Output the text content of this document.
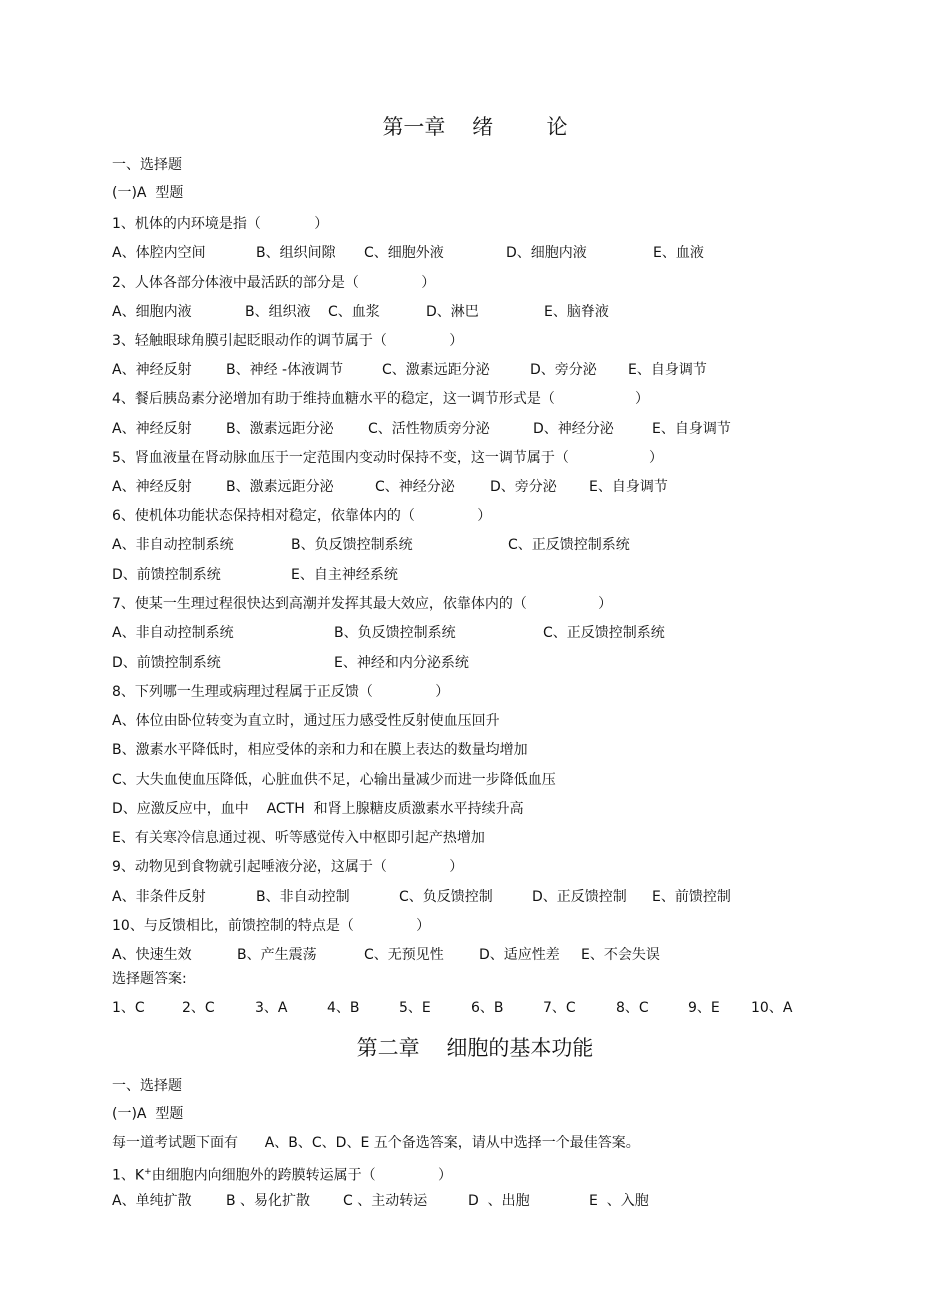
第一章    绪        论
一、选择题
(一)A  型题
1、机体的内环境是指（            ）
A、体腔内空间	B、组织间隙 C、细胞外液	D、细胞内液	E、血液
2、人体各部分体液中最活跃的部分是（              ）
A、细胞内液	B、组织液 C、血浆	D、淋巴	E、脑脊液
3、轻触眼球角膜引起眨眼动作的调节属于（              ）
A、神经反射 B、神经 -体液调节	C、激素远距分泌	D、旁分泌 E、自身调节
4、餐后胰岛素分泌增加有助于维持血糖水平的稳定，这一调节形式是（                  ）
A、神经反射 B、激素远距分泌 C、活性物质旁分泌	D、神经分泌	E、自身调节
5、肾血液量在肾动脉血压于一定范围内变动时保持不变，这一调节属于（                  ）
A、神经反射 B、激素远距分泌	C、神经分泌	D、旁分泌 E、自身调节
6、使机体功能状态保持相对稳定，依靠体内的（              ）
A、非自动控制系统	B、负反馈控制系统	C、正反馈控制系统
D、前馈控制系统	E、自主神经系统
7、使某一生理过程很快达到高潮并发挥其最大效应，依靠体内的（                ）
A、非自动控制系统	B、负反馈控制系统	C、正反馈控制系统
D、前馈控制系统	E、神经和内分泌系统
8、下列哪一生理或病理过程属于正反馈（              ）
A、体位由卧位转变为直立时，通过压力感受性反射使血压回升
B、激素水平降低时，相应受体的亲和力和在膜上表达的数量均增加
C、大失血使血压降低，心脏血供不足，心输出量减少而进一步降低血压
D、应激反应中，血中    ACTH  和肾上腺糖皮质激素水平持续升高
E、有关寒冷信息通过视、听等感觉传入中枢即引起产热增加
9、动物见到食物就引起唾液分泌，这属于（              ）
A、非条件反射	B、非自动控制	C、负反馈控制	D、正反馈控制 E、前馈控制
10、与反馈相比，前馈控制的特点是（              ）
A、快速生效	B、产生震荡	C、无预见性	D、适应性差 E、不会失误
选择题答案:
1、C	2、C	3、A	4、B	5、E	6、B	7、C	8、C	9、E 10、A
第二章    细胞的基本功能
一、选择题
(一)A  型题
每一道考试题下面有      A、B、C、D、E 五个备选答案，请从中选择一个最佳答案。
1、K+由细胞内向细胞外的跨膜转运属于（              ）
A、单纯扩散 B 、易化扩散 C 、主动转运	D  、出胞	E  、入胞
